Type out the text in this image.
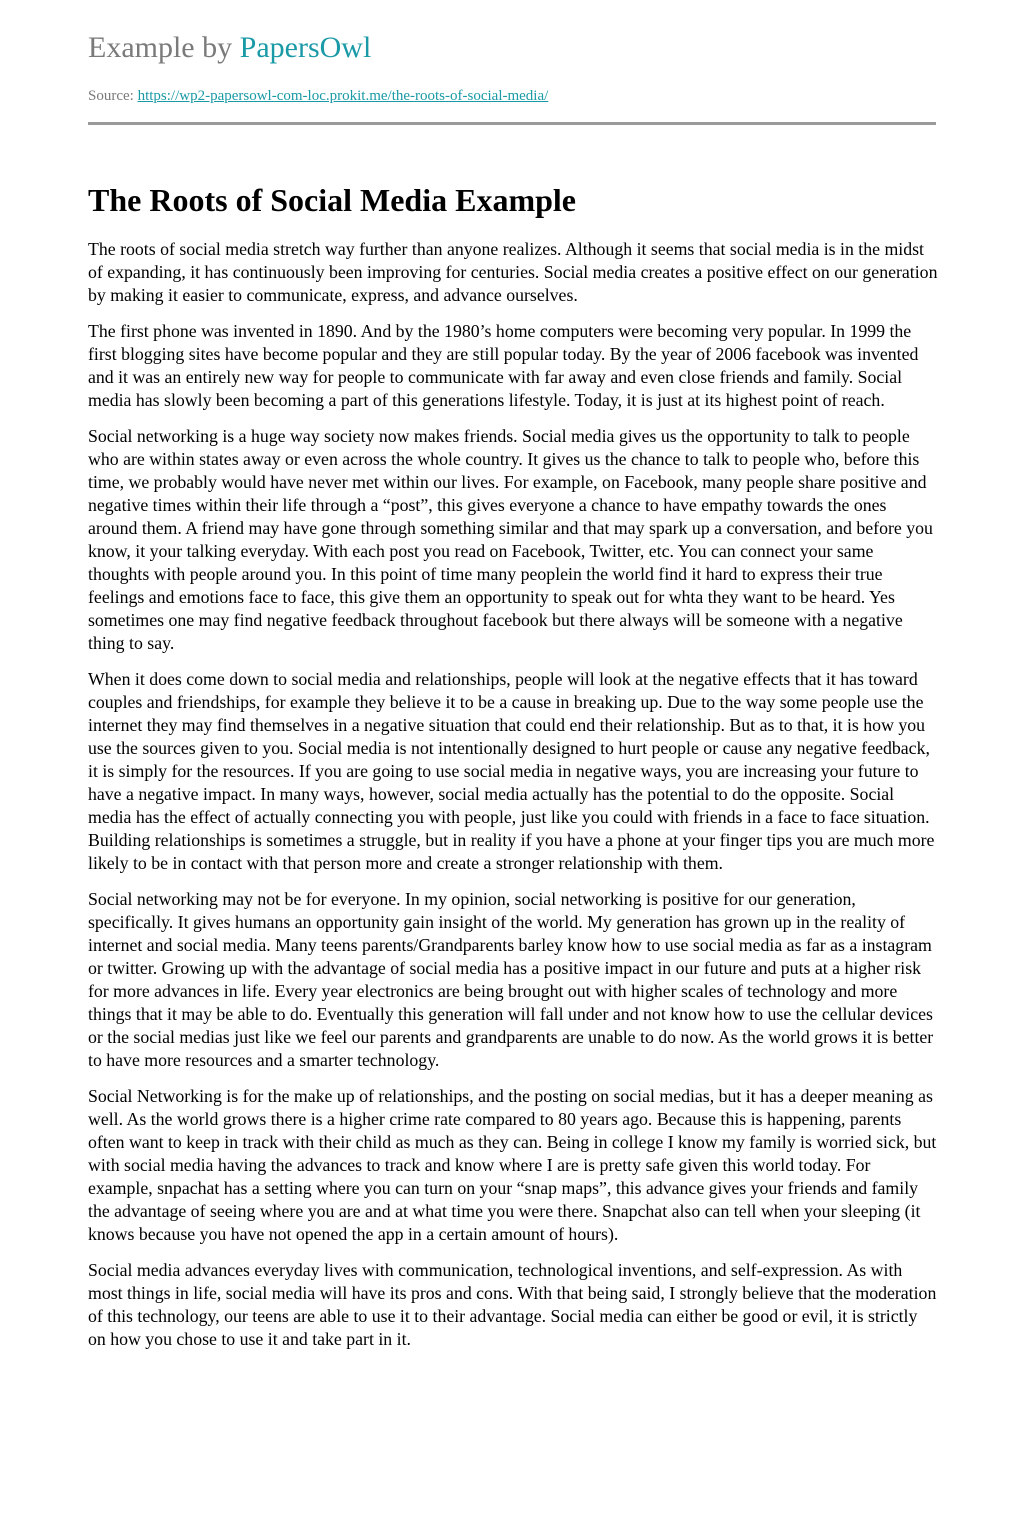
Example by PapersOwl
Source: https://wp2-papersowl-com-loc.prokit.me/the-roots-of-social-media/
The Roots of Social Media Example

The roots of social media stretch way further than anyone realizes. Although it seems that social media is in the midst of expanding, it has continuously been improving for centuries. Social media creates a positive effect on our generation by making it easier to communicate, express, and advance ourselves.

The first phone was invented in 1890. And by the 1980’s home computers were becoming very popular. In 1999 the first blogging sites have become popular and they are still popular today. By the year of 2006 facebook was invented and it was an entirely new way for people to communicate with far away and even close friends and family. Social media has slowly been becoming a part of this generations lifestyle. Today, it is just at its highest point of reach.

Social networking is a huge way society now makes friends. Social media gives us the opportunity to talk to people who are within states away or even across the whole country. It gives us the chance to talk to people who, before this time, we probably would have never met within our lives. For example, on Facebook, many people share positive and negative times within their life through a “post”, this gives everyone a chance to have empathy towards the ones around them. A friend may have gone through something similar and that may spark up a conversation, and before you know, it your talking everyday. With each post you read on Facebook, Twitter, etc. You can connect your same thoughts with people around you. In this point of time many peoplein the world find it hard to express their true feelings and emotions face to face, this give them an opportunity to speak out for whta they want to be heard. Yes sometimes one may find negative feedback throughout facebook but there always will be someone with a negative thing to say.

When it does come down to social media and relationships, people will look at the negative effects that it has toward couples and friendships, for example they believe it to be a cause in breaking up. Due to the way some people use the internet they may find themselves in a negative situation that could end their relationship. But as to that, it is how you use the sources given to you. Social media is not intentionally designed to hurt people or cause any negative feedback, it is simply for the resources. If you are going to use social media in negative ways, you are increasing your future to have a negative impact. In many ways, however, social media actually has the potential to do the opposite. Social media has the effect of actually connecting you with people, just like you could with friends in a face to face situation. Building relationships is sometimes a struggle, but in reality if you have a phone at your finger tips you are much more likely to be in contact with that person more and create a stronger relationship with them.

Social networking may not be for everyone. In my opinion, social networking is positive for our generation, specifically. It gives humans an opportunity gain insight of the world. My generation has grown up in the reality of internet and social media. Many teens parents/Grandparents barley know how to use social media as far as a instagram or twitter. Growing up with the advantage of social media has a positive impact in our future and puts at a higher risk for more advances in life. Every year electronics are being brought out with higher scales of technology and more things that it may be able to do. Eventually this generation will fall under and not know how to use the cellular devices or the social medias just like we feel our parents and grandparents are unable to do now. As the world grows it is better to have more resources and a smarter technology.

Social Networking is for the make up of relationships, and the posting on social medias, but it has a deeper meaning as well. As the world grows there is a higher crime rate compared to 80 years ago. Because this is happening, parents often want to keep in track with their child as much as they can. Being in college I know my family is worried sick, but with social media having the advances to track and know where I are is pretty safe given this world today. For example, snpachat has a setting where you can turn on your “snap maps”, this advance gives your friends and family the advantage of seeing where you are and at what time you were there. Snapchat also can tell when your sleeping (it knows because you have not opened the app in a certain amount of hours).

Social media advances everyday lives with communication, technological inventions, and self-expression. As with most things in life, social media will have its pros and cons. With that being said, I strongly believe that the moderation of this technology, our teens are able to use it to their advantage. Social media can either be good or evil, it is strictly on how you chose to use it and take part in it.
